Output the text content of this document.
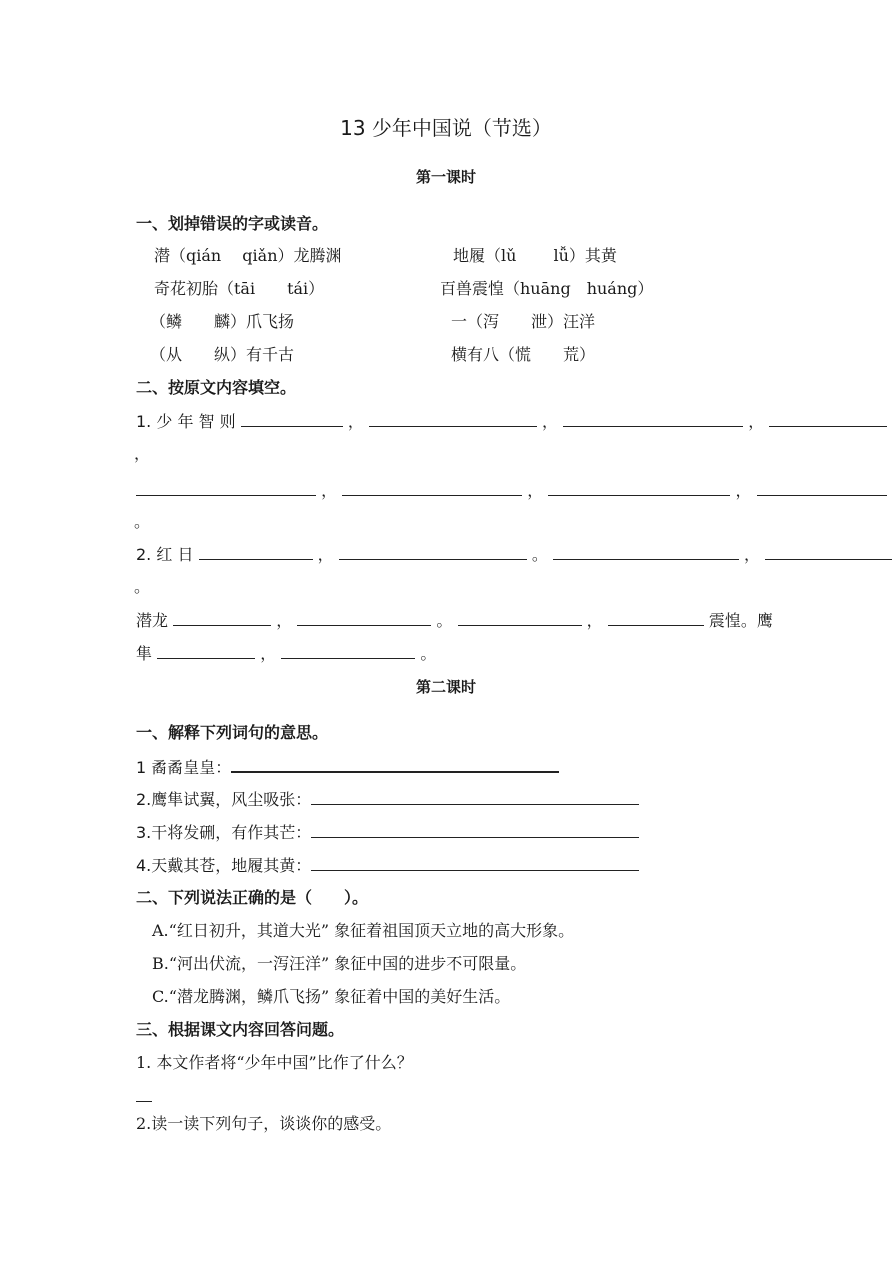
13 少年中国说（节选）
第一课时
一、划掉错误的字或读音。
潜（qián　 qiǎn）龙腾渊	地履（lǔ　　 lǚ）其黄
奇花初胎（tāi　　tái）	百兽震惶（huāng　huáng）
（鳞　　麟）爪飞扬	一（泻　　泄）汪洋
（从　　纵）有千古	横有八（慌　　荒）
二、按原文内容填空。
1. 少 年 智 则	，	，	，
，
，	，	，
。
2. 红 日	，	。	，
。
潜龙	，	。	，	震惶。鹰
隼	，	。
第二课时
一、解释下列词句的意思。
1 矞矞皇皇：
2.鹰隼试翼，风尘吸张：
3.干将发硎，有作其芒：
4.天戴其苍，地履其黄：
二、下列说法正确的是（　　）。
A.“红日初升，其道大光” 象征着祖国顶天立地的高大形象。
B.“河出伏流，一泻汪洋” 象征中国的进步不可限量。
C.“潜龙腾渊，鳞爪飞扬” 象征着中国的美好生活。
三、根据课文内容回答问题。
1. 本文作者将“少年中国”比作了什么？
2.读一读下列句子，谈谈你的感受。
